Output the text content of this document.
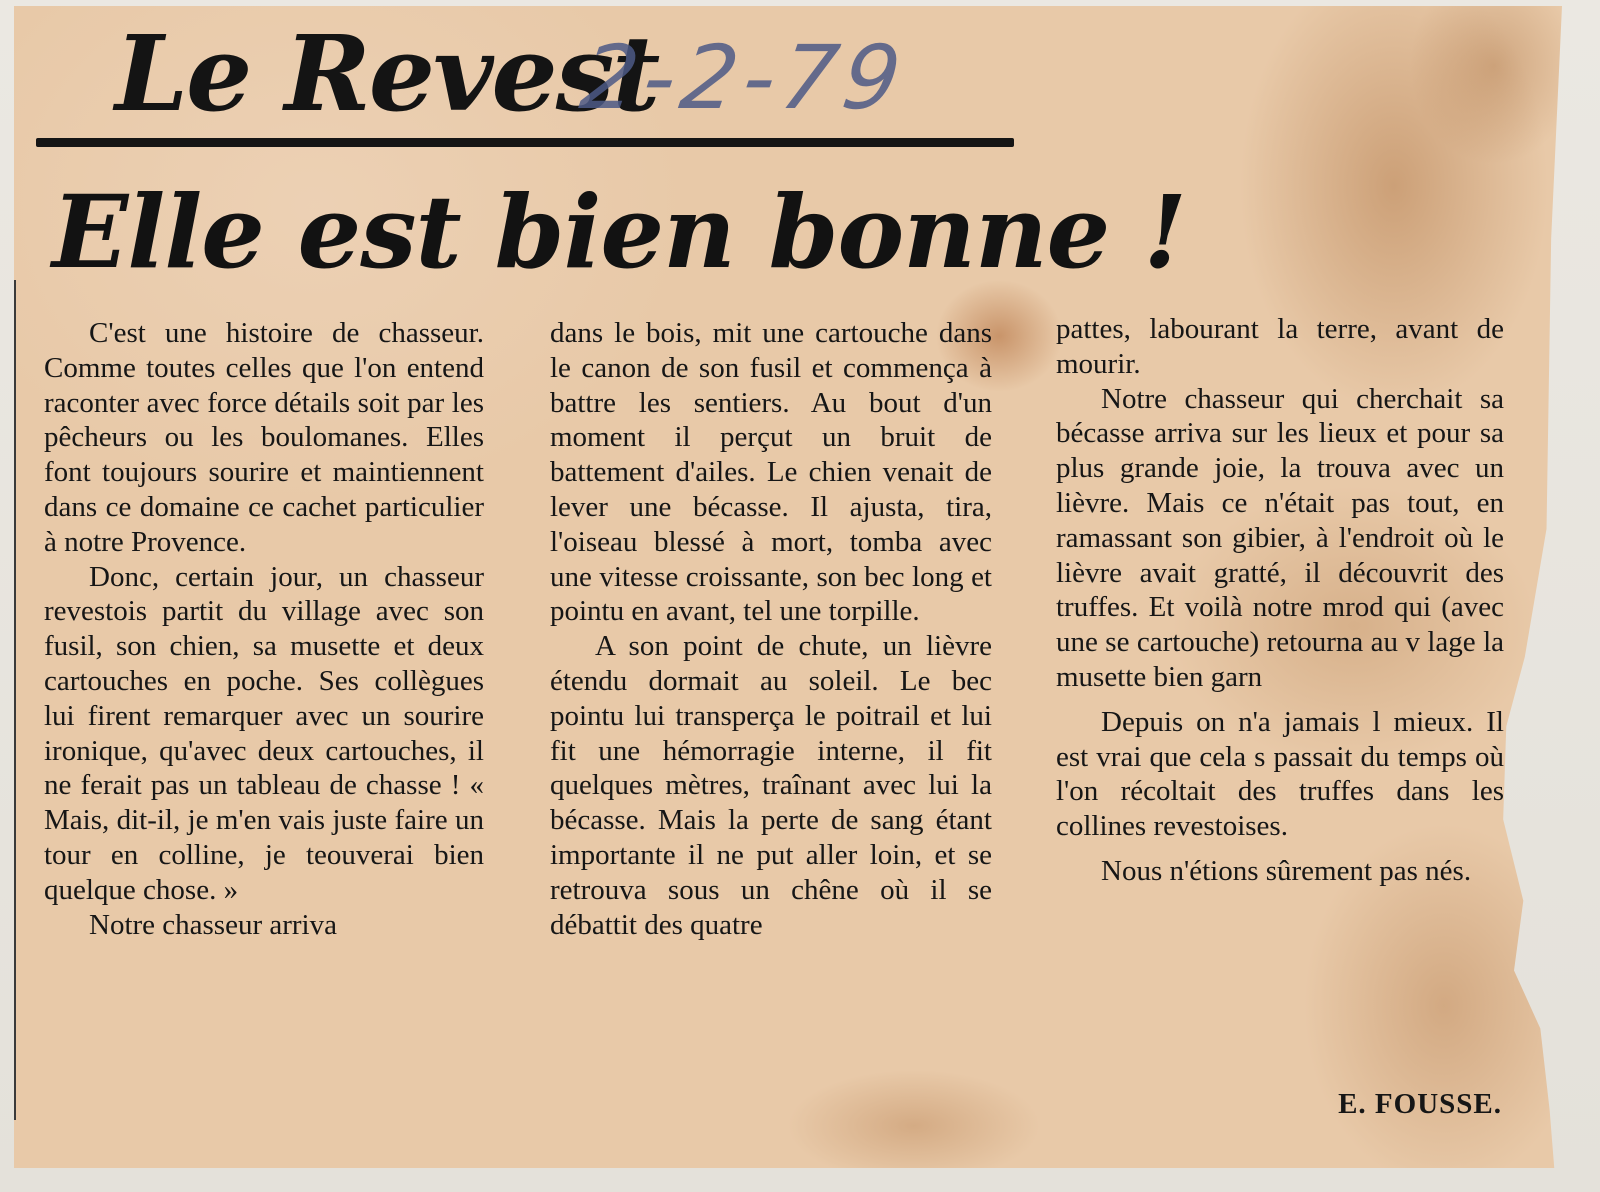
Le Revest
2-2-79
Elle est bien bonne !

C'est une histoire de chasseur. Comme toutes celles que l'on entend raconter avec force détails soit par les pêcheurs ou les boulomanes. Elles font toujours sourire et maintiennent dans ce domaine ce cachet particulier à notre Provence.

Donc, certain jour, un chasseur revestois partit du village avec son fusil, son chien, sa musette et deux cartouches en poche. Ses collègues lui firent remarquer avec un sourire ironique, qu'avec deux cartouches, il ne ferait pas un tableau de chasse ! « Mais, dit-il, je m'en vais juste faire un tour en colline, je teouverai bien quelque chose. »

Notre chasseur arriva

dans le bois, mit une cartouche dans le canon de son fusil et commença à battre les sentiers. Au bout d'un moment il perçut un bruit de battement d'ailes. Le chien venait de lever une bécasse. Il ajusta, tira, l'oiseau blessé à mort, tomba avec une vitesse croissante, son bec long et pointu en avant, tel une torpille.

A son point de chute, un lièvre étendu dormait au soleil. Le bec pointu lui transperça le poitrail et lui fit une hémorragie interne, il fit quelques mètres, traînant avec lui la bécasse. Mais la perte de sang étant importante il ne put aller loin, et se retrouva sous un chêne où il se débattit des quatre

pattes, labourant la terre, avant de mourir.

Notre chasseur qui cherchait sa bécasse arriva sur les lieux et pour sa plus grande joie, la trouva avec un lièvre. Mais ce n'était pas tout, en ramassant son gibier, à l'endroit où le lièvre avait gratté, il découvrit des truffes. Et voilà notre mrod qui (avec une se cartouche) retourna au v lage la musette bien garn

Depuis on n'a jamais l mieux. Il est vrai que cela s passait du temps où l'on récoltait des truffes dans les collines revestoises.

Nous n'étions sûrement pas nés.

E. FOUSSE.
